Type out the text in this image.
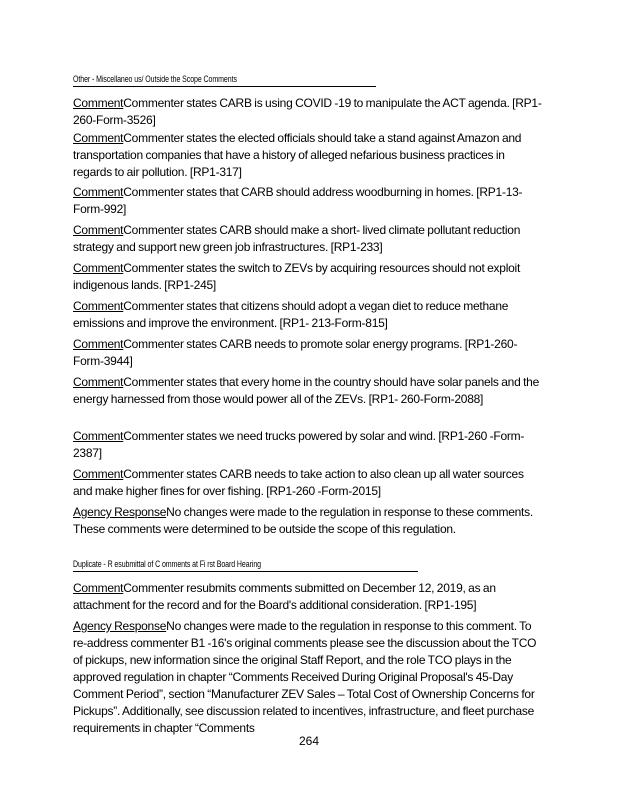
Other - Miscellaneo us/ Outside the Scope Comments

CommentCommenter states CARB is using COVID -19 to manipulate the ACT agenda. [RP1-260-Form-3526]

CommentCommenter states the elected officials should take a stand against Amazon and transportation companies that have a history of alleged nefarious business practices in regards to air pollution. [RP1-317]

CommentCommenter states that CARB should address woodburning in homes. [RP1-13-Form-992]

CommentCommenter states CARB should make a short- lived climate pollutant reduction strategy and support new green job infrastructures. [RP1-233]

CommentCommenter states the switch to ZEVs by acquiring resources should not exploit indigenous lands. [RP1-245]

CommentCommenter states that citizens should adopt a vegan diet to reduce methane emissions and improve the environment. [RP1- 213-Form-815]

CommentCommenter states CARB needs to promote solar energy programs. [RP1-260-Form-3944]

CommentCommenter states that every home in the country should have solar panels and the energy harnessed from those would power all of the ZEVs. [RP1- 260-Form-2088]

CommentCommenter states we need trucks powered by solar and wind. [RP1-260 -Form-2387]

CommentCommenter states CARB needs to take action to also clean up all water sources and make higher fines for over fishing. [RP1-260 -Form-2015]

Agency ResponseNo changes were made to the regulation in response to these comments. These comments were determined to be outside the scope of this regulation.

Duplicate - R esubmittal of C omments at Fi rst Board Hearing

CommentCommenter resubmits comments submitted on December 12, 2019, as an attachment for the record and for the Board's additional consideration. [RP1-195]

Agency ResponseNo changes were made to the regulation in response to this comment. To re-address commenter B1 -16's original comments please see the discussion about the TCO of pickups, new information since the original Staff Report, and the role TCO plays in the approved regulation in chapter “Comments Received During Original Proposal's 45-Day Comment Period”, section “Manufacturer ZEV Sales – Total Cost of Ownership Concerns for Pickups”. Additionally, see discussion related to incentives, infrastructure, and fleet purchase requirements in chapter “Comments

264
